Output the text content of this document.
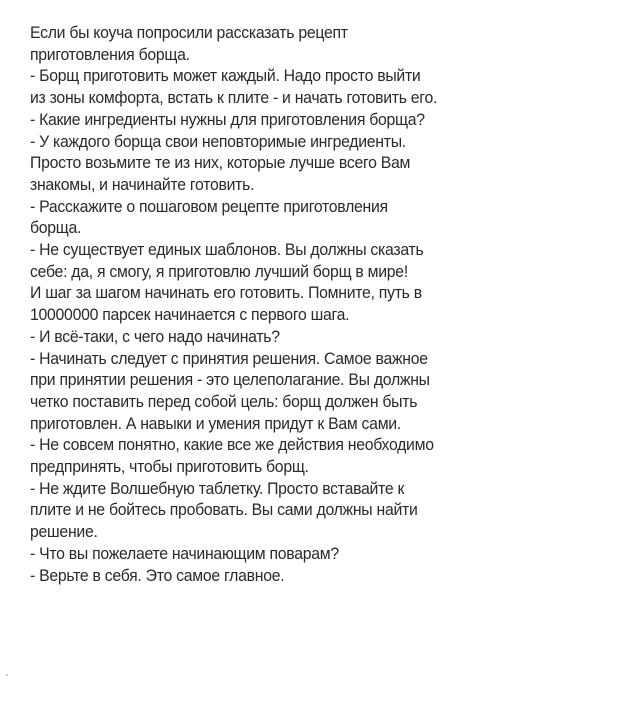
Если бы коуча попросили рассказать рецепт
приготовления борща.
- Борщ приготовить может каждый. Надо просто выйти
из зоны комфорта, встать к плите - и начать готовить его.
- Какие ингредиенты нужны для приготовления борща?
- У каждого борща свои неповторимые ингредиенты.
Просто возьмите те из них, которые лучше всего Вам
знакомы, и начинайте готовить.
- Расскажите о пошаговом рецепте приготовления
борща.
- Не существует единых шаблонов. Вы должны сказать
себе: да, я смогу, я приготовлю лучший борщ в мире!
И шаг за шагом начинать его готовить. Помните, путь в
10000000 парсек начинается с первого шага.
- И всё-таки, с чего надо начинать?
- Начинать следует с принятия решения. Самое важное
при принятии решения - это целеполагание. Вы должны
четко поставить перед собой цель: борщ должен быть
приготовлен. А навыки и умения придут к Вам сами.
- Не совсем понятно, какие все же действия необходимо
предпринять, чтобы приготовить борщ.
- Не ждите Волшебную таблетку. Просто вставайте к
плите и не бойтесь пробовать. Вы сами должны найти
решение.
- Что вы пожелаете начинающим поварам?
- Верьте в себя. Это самое главное.
